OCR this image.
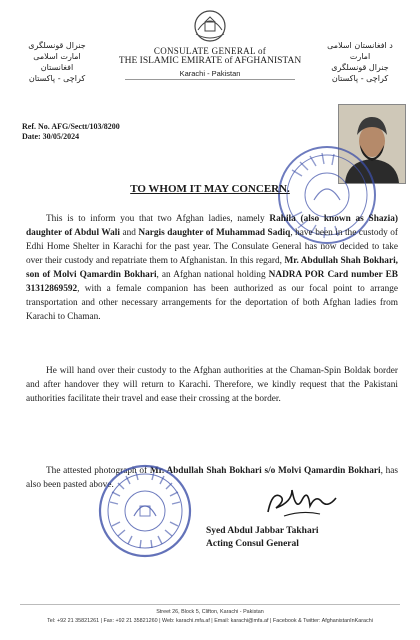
CONSULATE GENERAL of
THE ISLAMIC EMIRATE of AFGHANISTAN
Karachi - Pakistan
جنرال قونسلگری
امارت اسلامی افغانستان
کراچی - پاکستان
د افغانستان اسلامی امارت
جنرال قونسلگری
کراچی - پاکستان
Ref. No. AFG/Sectt/103/8200
Date: 30/05/2024
TO WHOM IT MAY CONCERN.
This is to inform you that two Afghan ladies, namely Rahila (also known as Shazia) daughter of Abdul Wali and Nargis daughter of Muhammad Sadiq, have been in the custody of Edhi Home Shelter in Karachi for the past year. The Consulate General has now decided to take over their custody and repatriate them to Afghanistan. In this regard, Mr. Abdullah Shah Bokhari, son of Molvi Qamardin Bokhari, an Afghan national holding NADRA POR Card number EB 31312869592, with a female companion has been authorized as our focal point to arrange transportation and other necessary arrangements for the deportation of both Afghan ladies from Karachi to Chaman.
He will hand over their custody to the Afghan authorities at the Chaman-Spin Boldak border and after handover they will return to Karachi. Therefore, we kindly request that the Pakistani authorities facilitate their travel and ease their crossing at the border.
The attested photograph of Mr. Abdullah Shah Bokhari s/o Molvi Qamardin Bokhari, has also been pasted above.
Syed Abdul Jabbar Takhari
Acting Consul General
Street 26, Block 5, Clifton, Karachi - Pakistan
Tel: +92 21 35821261 | Fax: +92 21 35821260 | Web: karachi.mfa.af | Email: karachi@mfa.af | Facebook & Twitter: AfghanistanInKarachi
